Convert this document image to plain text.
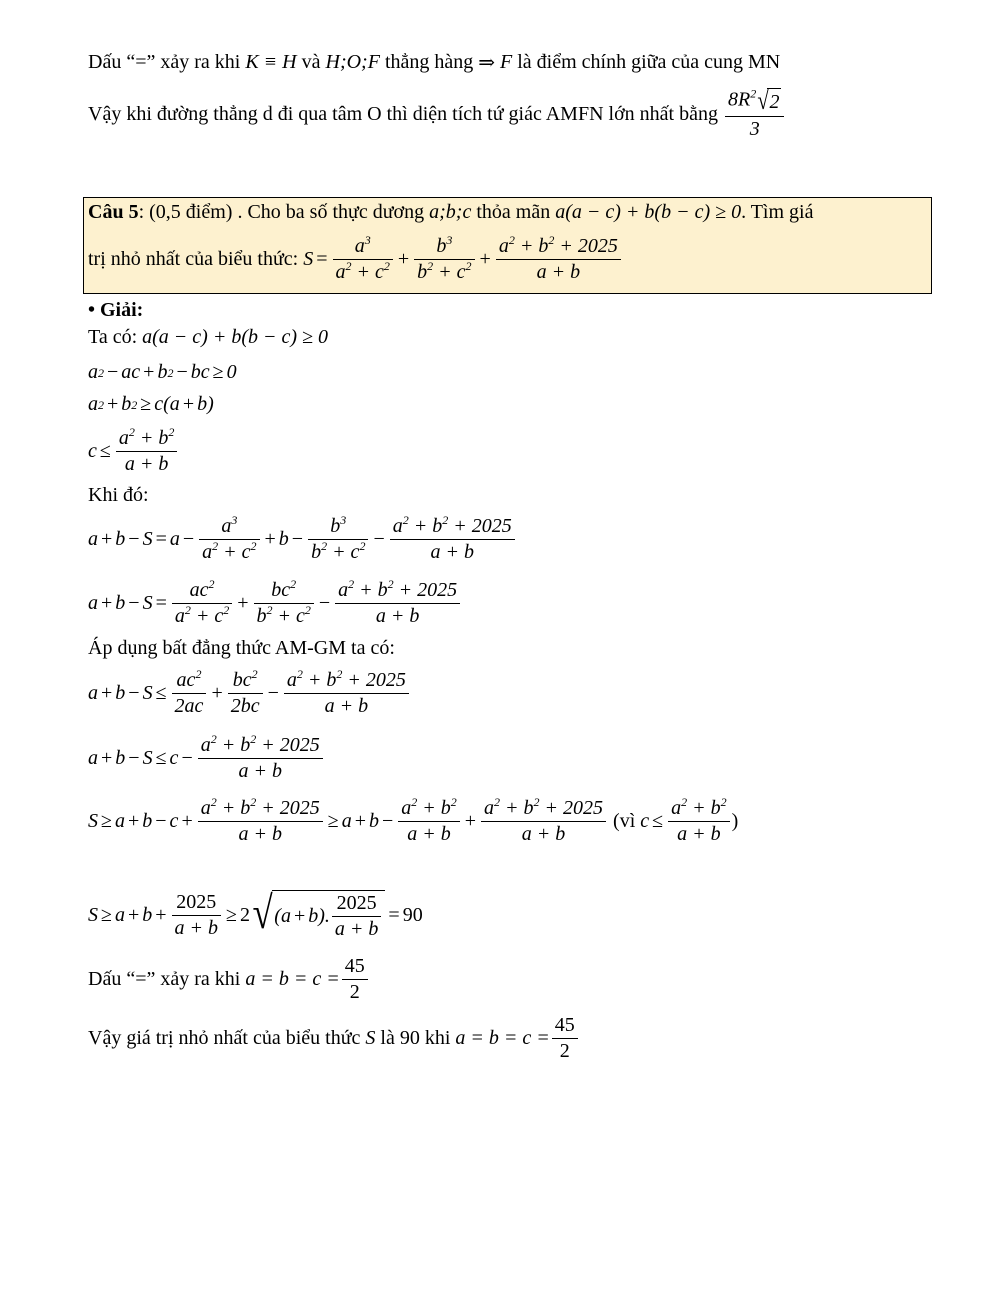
Dấu “=” xảy ra khi
K ≡ H
và
H;O;F
thẳng hàng
⇒
F
là điểm chính giữa của cung MN
Vậy khi đường thẳng d đi qua tâm O thì diện tích tứ giác AMFN lớn nhất bằng

$8R^2$ √ 2
3
Câu 5 : (0,5 điểm) . Cho ba số thực dương
a;b;c
thỏa mãn
a(a − c) + b(b − c) ≥ 0 . Tìm giá
trị nhỏ nhất của biểu thức:
$S = \frac{a^3}{a^2 + c^2} + \frac{b^3}{b^2 + c^2} + \frac{a^2 + b^2 + 2025}{a + b}$
• Giải:
Ta có:
a(a − c) + b(b − c) ≥ 0
a 2 − ac + b 2 − bc ≥ 0
a 2 + b 2 ≥ c(a + b)
$c \le \frac{a^2 + b^2}{a + b}$
Khi đó:
$a + b - S = a - \frac{a^3}{a^2 + c^2} + b - \frac{b^3}{b^2 + c^2} - \frac{a^2 + b^2 + 2025}{a + b}$
$a + b - S = \frac{ac^2}{a^2 + c^2} + \frac{bc^2}{b^2 + c^2} - \frac{a^2 + b^2 + 2025}{a + b}$
Áp dụng bất đẳng thức AM-GM ta có:
$a + b - S \le \frac{ac^2}{2ac} + \frac{bc^2}{2bc} - \frac{a^2 + b^2 + 2025}{a + b}$
$a + b - S \le c - \frac{a^2 + b^2 + 2025}{a + b}$
$S \ge a + b - c + \frac{a^2 + b^2 + 2025}{a + b} \ge a + b - \frac{a^2 + b^2}{a + b} + \frac{a^2 + b^2 + 2025}{a + b}$
(vì $c \le \frac{a^2 + b^2}{a + b}$ )
$S \ge a + b + \frac{2025}{a + b} \ge 2$ √ (a + b). $\frac{2025}{a + b} = 90$
Dấu “=” xảy ra khi
$a = b = c = \frac{45}{2}$
Vậy giá trị nhỏ nhất của biểu thức
S
là 90 khi
$a = b = c = \frac{45}{2}$
